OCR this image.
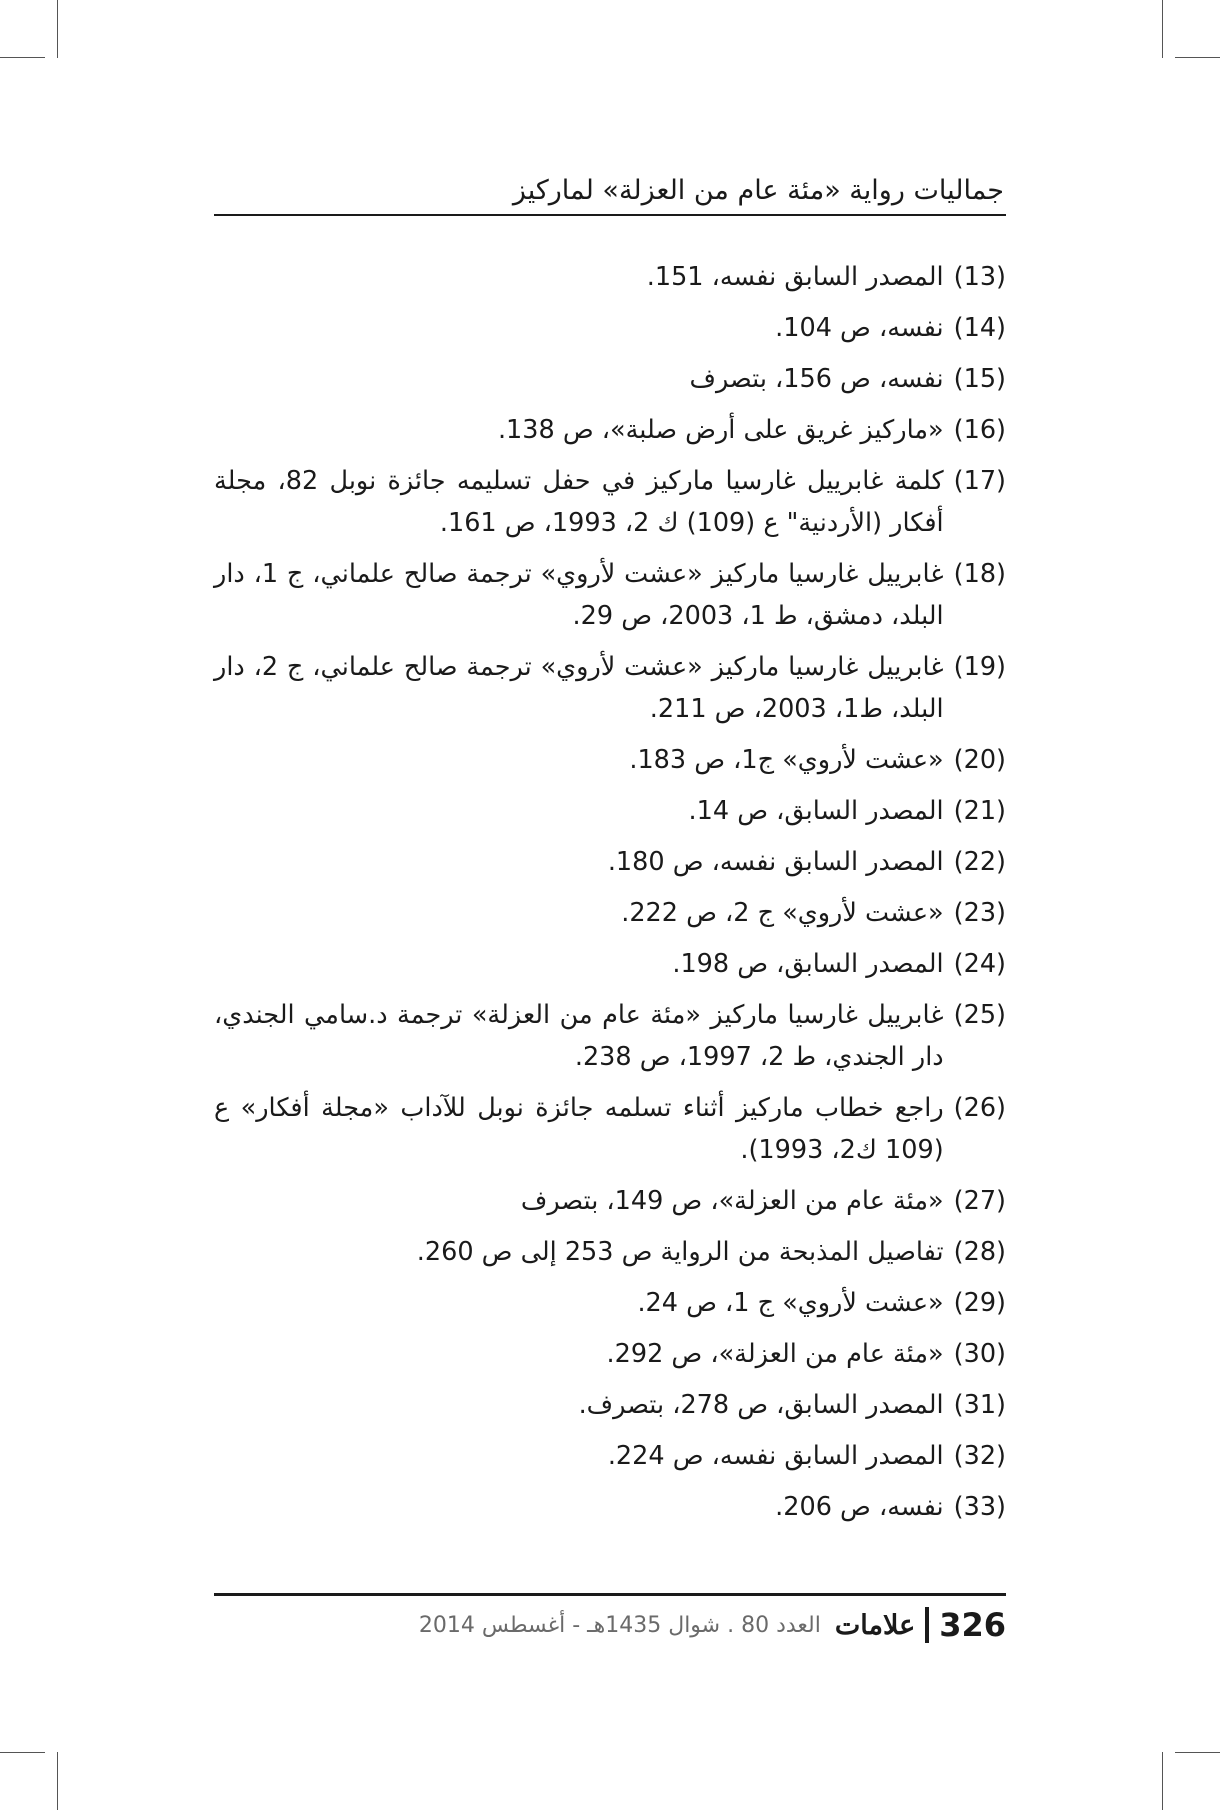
جماليات رواية «مئة عام من العزلة» لماركيز
(13)
المصدر السابق نفسه، 151.
(14)
نفسه، ص 104.
(15)
نفسه، ص 156، بتصرف
(16)
«ماركيز غريق على أرض صلبة»، ص 138.
(17)
كلمة غابرييل غارسيا ماركيز في حفل تسليمه جائزة نوبل 82، مجلة أفكار (الأردنية" ع (109) ك 2، 1993، ص 161.
(18)
غابرييل غارسيا ماركيز «عشت لأروي» ترجمة صالح علماني، ج 1، دار البلد، دمشق، ط 1، 2003، ص 29.
(19)
غابرييل غارسيا ماركيز «عشت لأروي» ترجمة صالح علماني، ج 2، دار البلد، ط1، 2003، ص 211.
(20)
«عشت لأروي» ج1، ص 183.
(21)
المصدر السابق، ص 14.
(22)
المصدر السابق نفسه، ص 180.
(23)
«عشت لأروي» ج 2، ص 222.
(24)
المصدر السابق، ص 198.
(25)
غابرييل غارسيا ماركيز «مئة عام من العزلة» ترجمة د.سامي الجندي، دار الجندي، ط 2، 1997، ص 238.
(26)
راجع خطاب ماركيز أثناء تسلمه جائزة نوبل للآداب «مجلة أفكار» ع (109 ك2، 1993).
(27)
«مئة عام من العزلة»، ص 149، بتصرف
(28)
تفاصيل المذبحة من الرواية ص 253 إلى ص 260.
(29)
«عشت لأروي» ج 1، ص 24.
(30)
«مئة عام من العزلة»، ص 292.
(31)
المصدر السابق، ص 278، بتصرف.
(32)
المصدر السابق نفسه، ص 224.
(33)
نفسه، ص 206.
326
علامات
العدد 80 . شوال 1435هـ - أغسطس 2014
